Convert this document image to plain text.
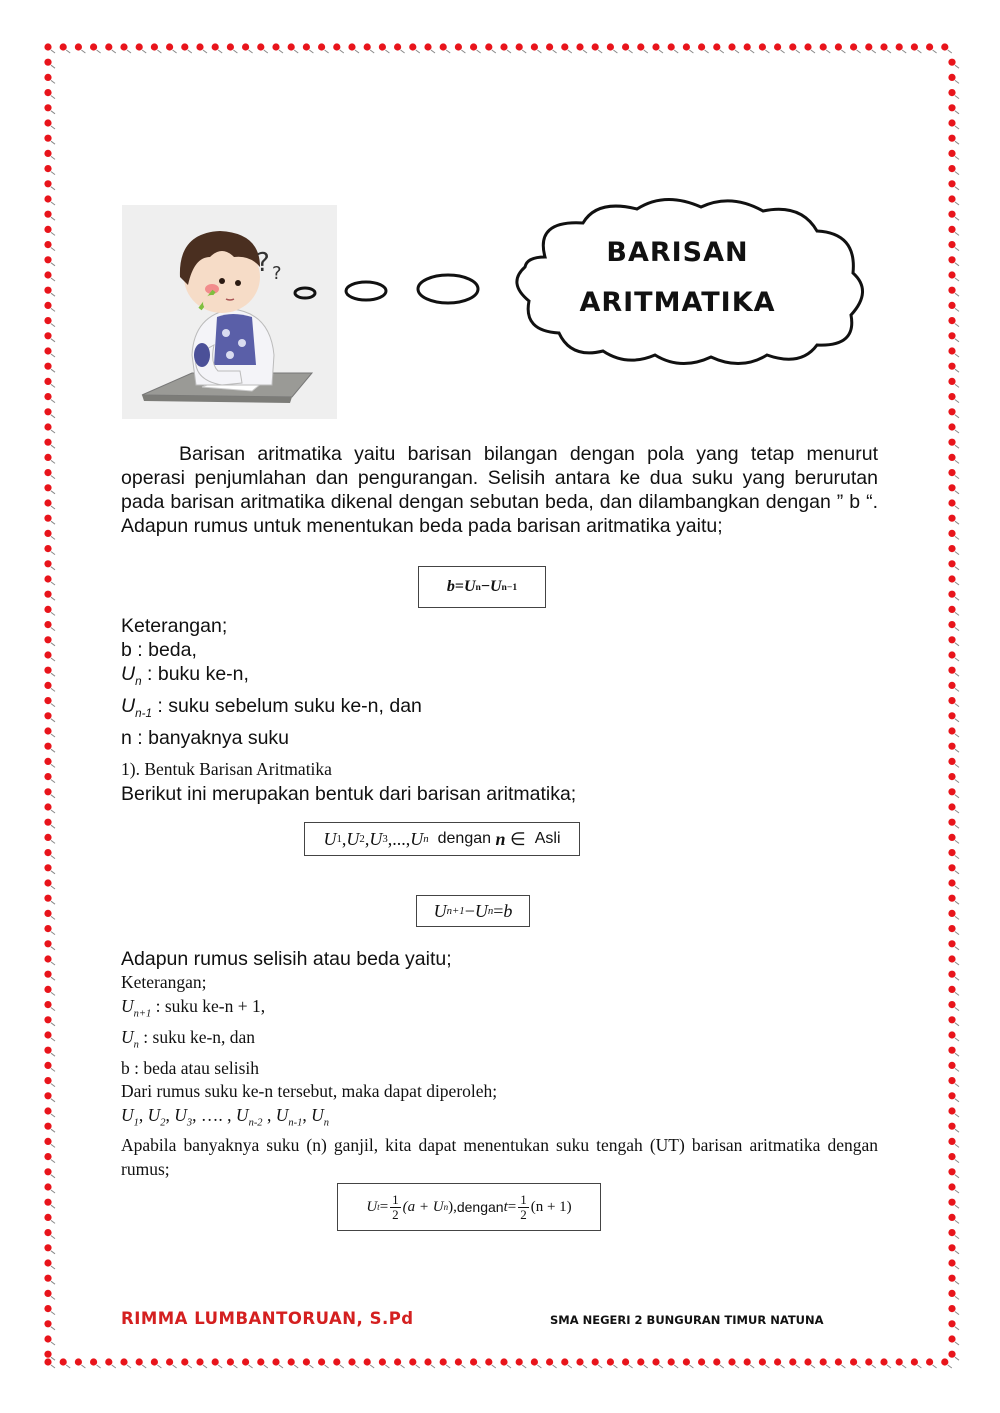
? ?
BARISAN
ARITMATIKA
Barisan aritmatika yaitu barisan bilangan dengan pola yang tetap menurut operasi penjumlahan dan pengurangan. Selisih antara ke dua suku yang berurutan pada barisan aritmatika dikenal dengan sebutan beda, dan dilambangkan dengan ” b “. Adapun rumus untuk menentukan beda pada barisan aritmatika yaitu;
b = U n − U n−1
Keterangan;
b : beda,
$U_n$ : buku ke-n,
$U_{n-1}$ : suku sebelum suku ke-n, dan
n : banyaknya suku
1). Bentuk Barisan Aritmatika
Berikut ini merupakan bentuk dari barisan aritmatika;
U 1 , U 2 , U 3 , ... , U n
dengan
n
∈
Asli
U n+1 − U n = b
Adapun rumus selisih atau beda yaitu;
Keterangan;
$U_{n+1}$ : suku ke-n + 1,
$U_n$ : suku ke-n, dan
b : beda atau selisih
Dari rumus suku ke-n tersebut, maka dapat diperoleh;
$U_1$, $U_2$, $U_3$, …. , $U_{n-2}$ , $U_{n-1}$, $U_n$
Apabila banyaknya suku (n) ganjil, kita dapat menentukan suku tengah (UT) barisan aritmatika dengan rumus;
U $t = \frac{1}{2} (a + U$ n ), dengan $t = \frac{1}{2} (n + 1)$
RIMMA LUMBANTORUAN, S.Pd	SMA NEGERI 2 BUNGURAN TIMUR NATUNA
